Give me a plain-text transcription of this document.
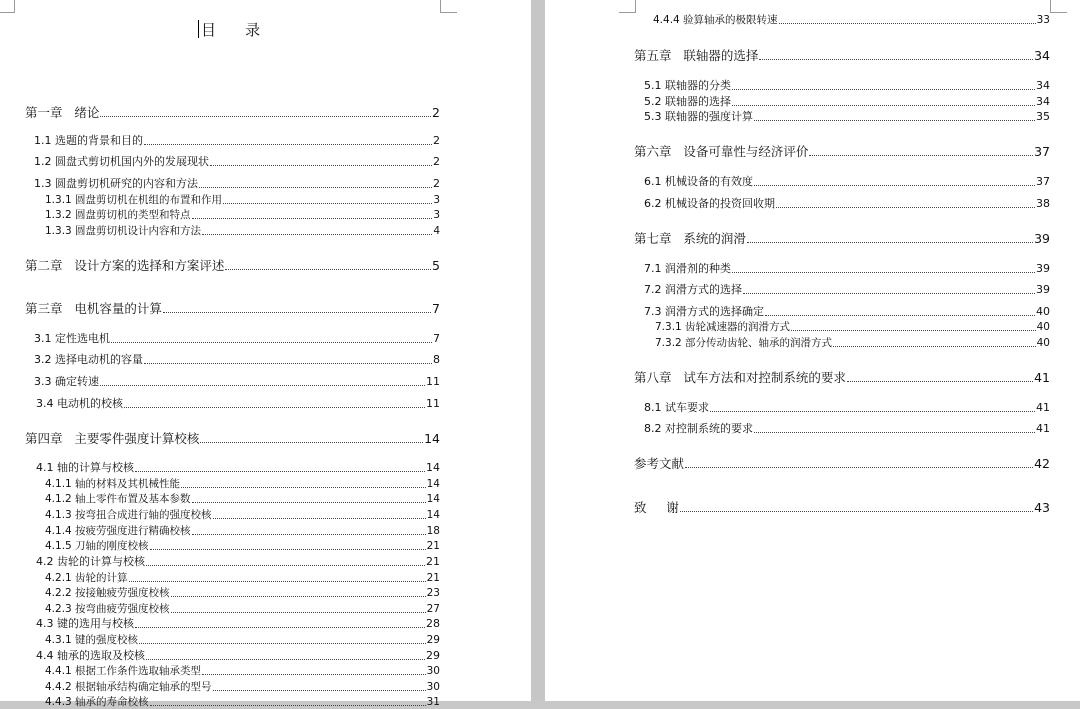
目    录
第一章   绪论	2
1.1 选题的背景和目的	2
1.2 圆盘式剪切机国内外的发展现状	2
1.3 圆盘剪切机研究的内容和方法	2
1.3.1 圆盘剪切机在机组的布置和作用	3
1.3.2 圆盘剪切机的类型和特点	3
1.3.3 圆盘剪切机设计内容和方法	4
第二章   设计方案的选择和方案评述	5
第三章   电机容量的计算	7
3.1 定性选电机	7
3.2 选择电动机的容量	8
3.3 确定转速	11
3.4 电动机的校核	11
第四章   主要零件强度计算校核	14
4.1 轴的计算与校核	14
4.1.1 轴的材料及其机械性能	14
4.1.2 轴上零件布置及基本参数	14
4.1.3 按弯扭合成进行轴的强度校核	14
4.1.4 按疲劳强度进行精确校核	18
4.1.5 刀轴的刚度校核	21
4.2 齿轮的计算与校核	21
4.2.1 齿轮的计算	21
4.2.2 按接触疲劳强度校核	23
4.2.3 按弯曲疲劳强度校核	27
4.3 键的选用与校核	28
4.3.1 键的强度校核	29
4.4 轴承的选取及校核	29
4.4.1 根据工作条件选取轴承类型	30
4.4.2 根据轴承结构确定轴承的型号	30
4.4.3 轴承的寿命校核	31
4.4.4 验算轴承的极限转速	33
第五章   联轴器的选择	34
5.1 联轴器的分类	34
5.2 联轴器的选择	34
5.3 联轴器的强度计算	35
第六章   设备可靠性与经济评价	37
6.1 机械设备的有效度	37
6.2 机械设备的投资回收期	38
第七章   系统的润滑	39
7.1 润滑剂的种类	39
7.2 润滑方式的选择	39
7.3 润滑方式的选择确定	40
7.3.1 齿轮减速器的润滑方式	40
7.3.2 部分传动齿轮、轴承的润滑方式	40
第八章   试车方法和对控制系统的要求	41
8.1 试车要求	41
8.2 对控制系统的要求	41
参考文献	42
致     谢	43
